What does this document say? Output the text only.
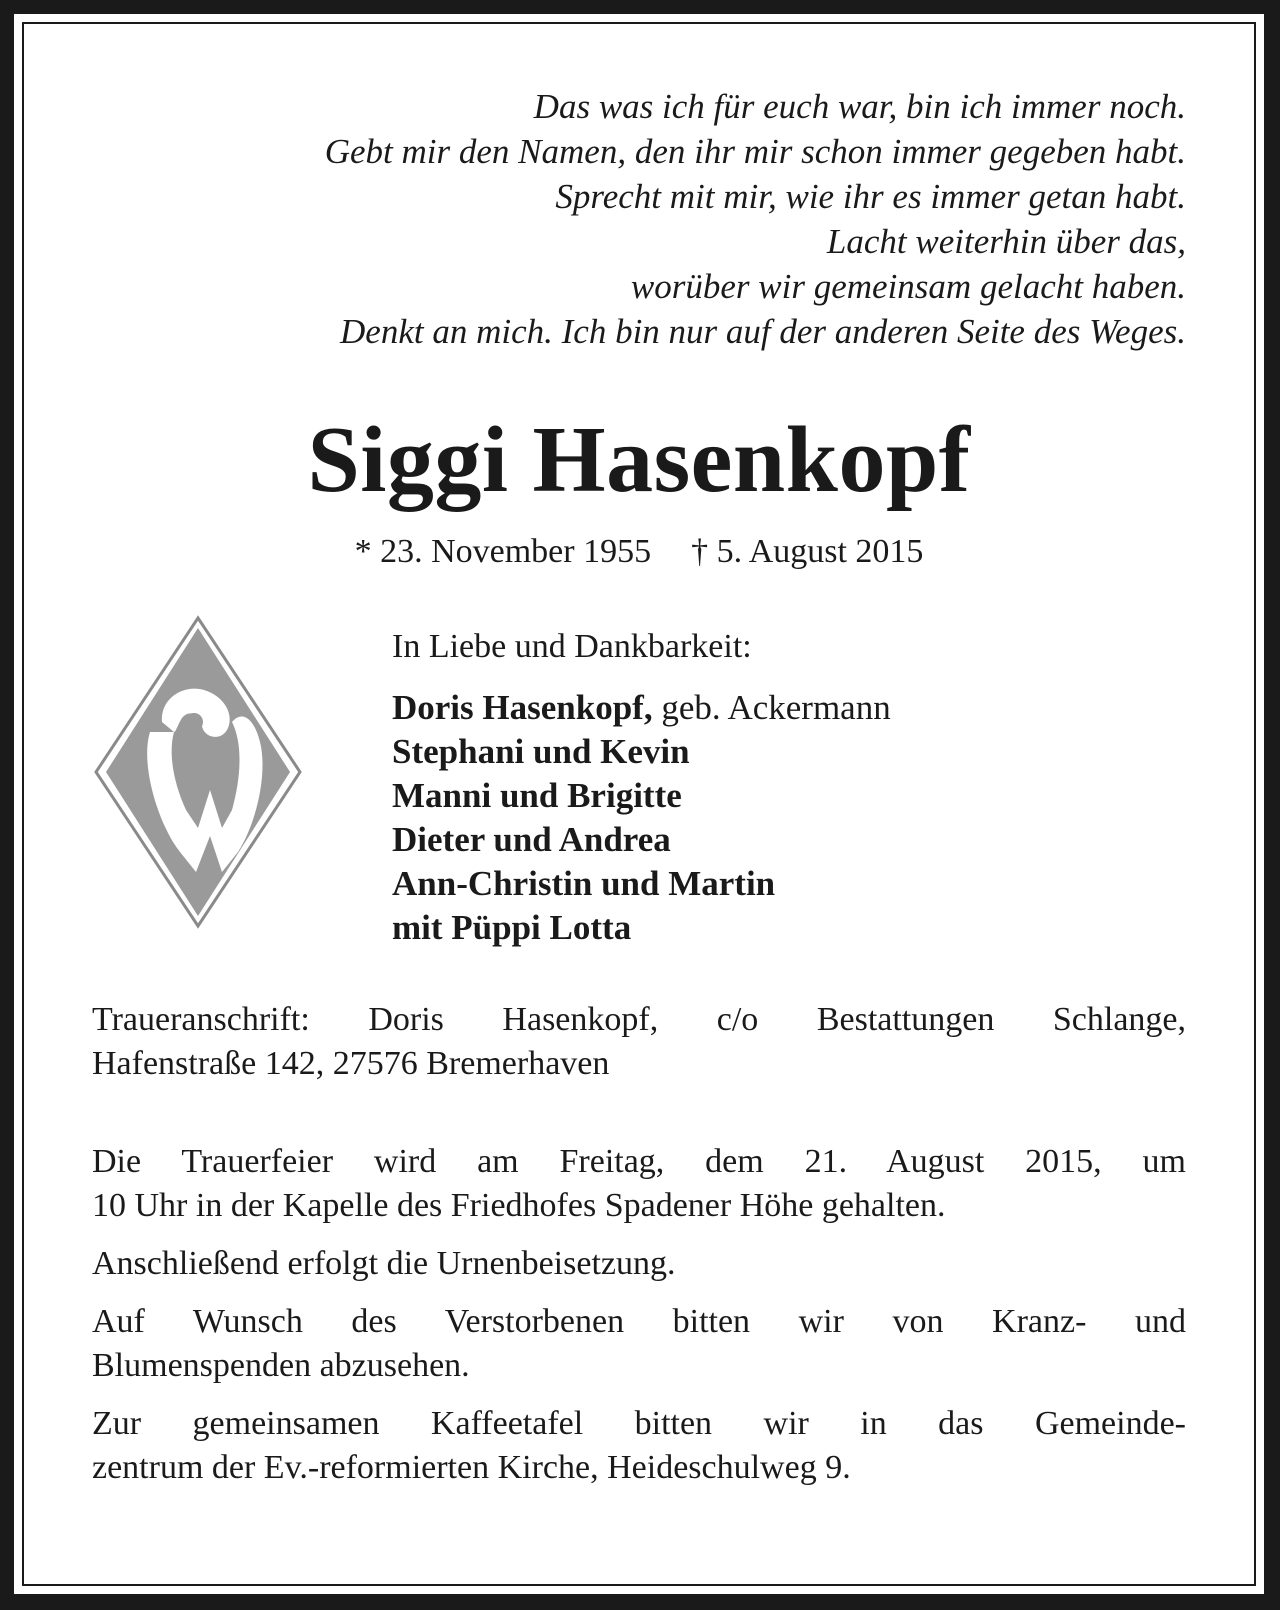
Das was ich für euch war, bin ich immer noch.
Gebt mir den Namen, den ihr mir schon immer gegeben habt.
Sprecht mit mir, wie ihr es immer getan habt.
Lacht weiterhin über das,
worüber wir gemeinsam gelacht haben.
Denkt an mich. Ich bin nur auf der anderen Seite des Weges.
Siggi Hasenkopf
* 23. November 1955 † 5. August 2015
In Liebe und Dankbarkeit:
Doris Hasenkopf, geb. Ackermann
Stephani und Kevin
Manni und Brigitte
Dieter und Andrea
Ann-Christin und Martin
mit Püppi Lotta
Traueranschrift: Doris Hasenkopf, c/o Bestattungen Schlange,
Hafenstraße 142, 27576 Bremerhaven
Die Trauerfeier wird am Freitag, dem 21. August 2015, um
10 Uhr in der Kapelle des Friedhofes Spadener Höhe gehalten.
Anschließend erfolgt die Urnenbeisetzung.
Auf Wunsch des Verstorbenen bitten wir von Kranz- und
Blumenspenden abzusehen.
Zur gemeinsamen Kaffeetafel bitten wir in das Gemeinde-
zentrum der Ev.-reformierten Kirche, Heideschulweg 9.
